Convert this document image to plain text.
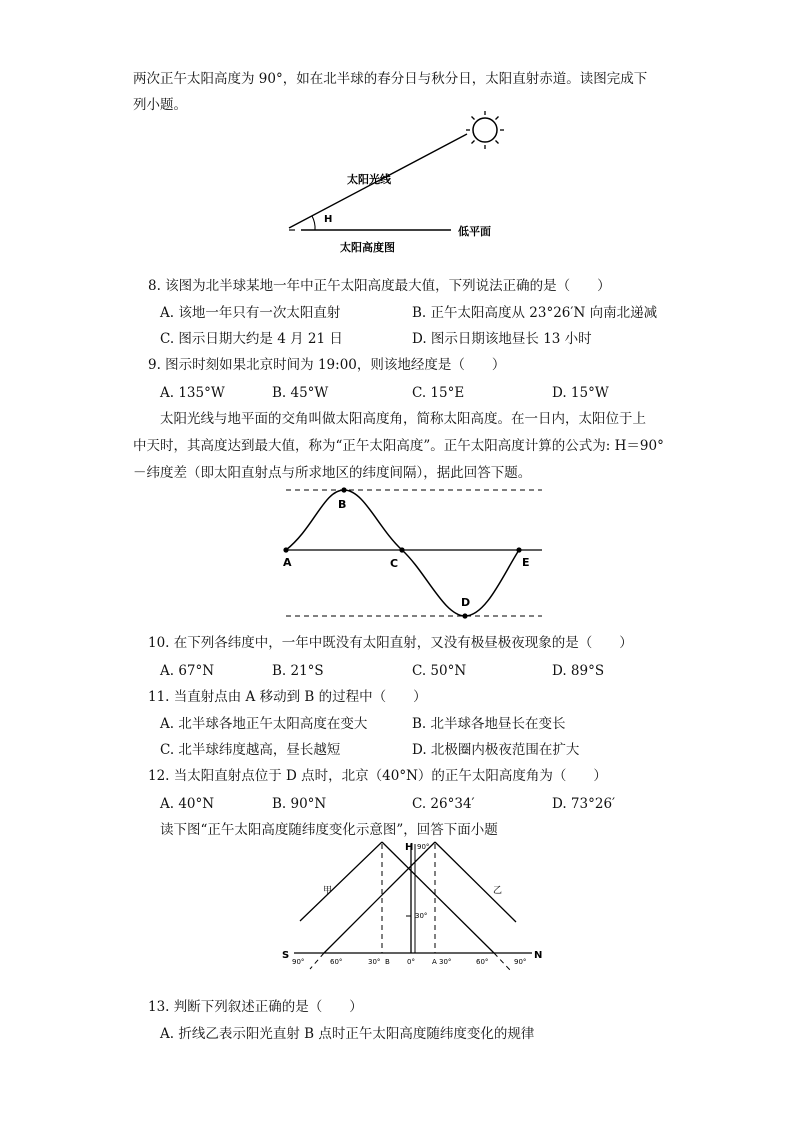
两次正午太阳高度为 90°，如在北半球的春分日与秋分日，太阳直射赤道。读图完成下
列小题。
H
太阳光线
低平面
太阳高度图
8. 该图为北半球某地一年中正午太阳高度最大值，下列说法正确的是（　　）
A. 该地一年只有一次太阳直射	B. 正午太阳高度从 23°26′N 向南北递减
C. 图示日期大约是 4 月 21 日	D. 图示日期该地昼长 13 小时
9. 图示时刻如果北京时间为 19:00，则该地经度是（　　）
A. 135°W	B. 45°W	C. 15°E	D. 15°W
太阳光线与地平面的交角叫做太阳高度角，简称太阳高度。在一日内，太阳位于上
中天时，其高度达到最大值，称为“正午太阳高度”。正午太阳高度计算的公式为: H＝90°
－纬度差（即太阳直射点与所求地区的纬度间隔），据此回答下题。
A
B
C
D
E
10. 在下列各纬度中，一年中既没有太阳直射，又没有极昼极夜现象的是（　　）
A. 67°N	B. 21°S	C. 50°N	D. 89°S
11. 当直射点由 A 移动到 B 的过程中（　　）
A. 北半球各地正午太阳高度在变大	B. 北半球各地昼长在变长
C. 北半球纬度越高，昼长越短	D. 北极圈内极夜范围在扩大
12. 当太阳直射点位于 D 点时，北京（40°N）的正午太阳高度角为（　　）
A. 40°N	B. 90°N	C. 26°34′	D. 73°26′
读下图“正午太阳高度随纬度变化示意图”，回答下面小题
H 90°
30°
甲	乙
S	N
90°	60°	30° B 0° A 30°	60°	90°
13. 判断下列叙述正确的是（　　）
A. 折线乙表示阳光直射 B 点时正午太阳高度随纬度变化的规律
